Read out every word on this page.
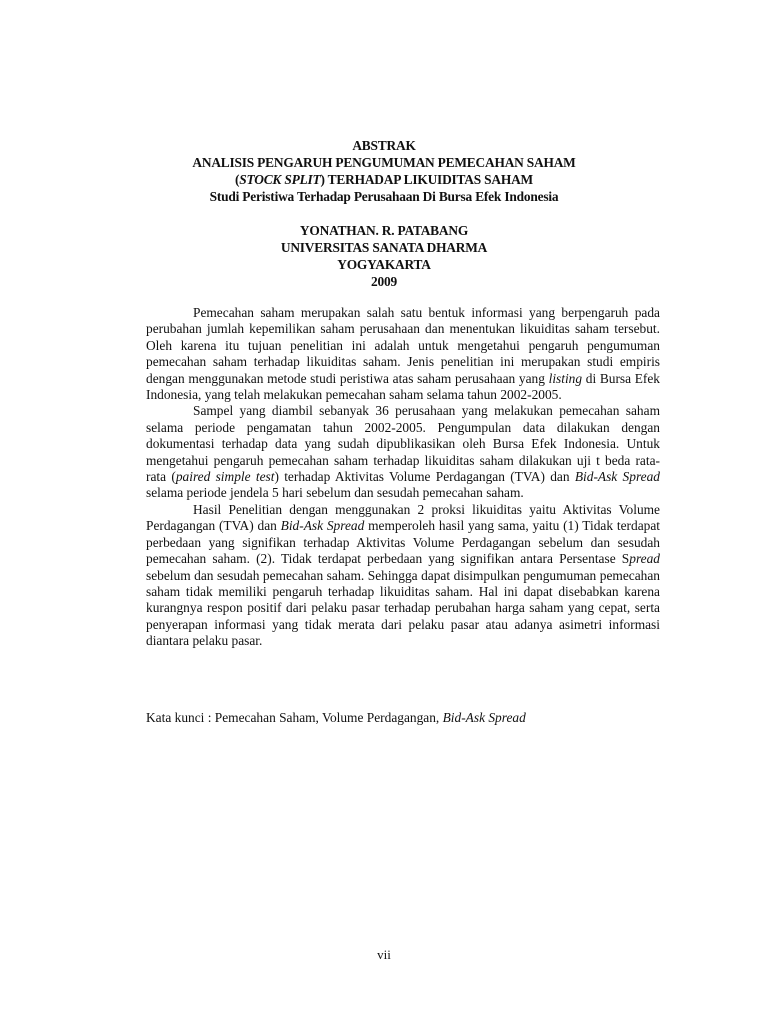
ABSTRAK
ANALISIS PENGARUH PENGUMUMAN PEMECAHAN SAHAM
(STOCK SPLIT) TERHADAP LIKUIDITAS SAHAM
Studi Peristiwa Terhadap Perusahaan Di Bursa Efek Indonesia
YONATHAN. R. PATABANG
UNIVERSITAS SANATA DHARMA
YOGYAKARTA
2009

Pemecahan saham merupakan salah satu bentuk informasi yang berpengaruh pada perubahan jumlah kepemilikan saham perusahaan dan menentukan likuiditas saham tersebut. Oleh karena itu tujuan penelitian ini adalah untuk mengetahui pengaruh pengumuman pemecahan saham terhadap likuiditas saham. Jenis penelitian ini merupakan studi empiris dengan menggunakan metode studi peristiwa atas saham perusahaan yang listing di Bursa Efek Indonesia, yang telah melakukan pemecahan saham selama tahun 2002-2005.

Sampel yang diambil sebanyak 36 perusahaan yang melakukan pemecahan saham selama periode pengamatan tahun 2002-2005. Pengumpulan data dilakukan dengan dokumentasi terhadap data yang sudah dipublikasikan oleh Bursa Efek Indonesia. Untuk mengetahui pengaruh pemecahan saham terhadap likuiditas saham dilakukan uji t beda rata-rata (paired simple test) terhadap Aktivitas Volume Perdagangan (TVA) dan Bid-Ask Spread selama periode jendela 5 hari sebelum dan sesudah pemecahan saham.

Hasil Penelitian dengan menggunakan 2 proksi likuiditas yaitu Aktivitas Volume Perdagangan (TVA) dan Bid-Ask Spread memperoleh hasil yang sama, yaitu (1) Tidak terdapat perbedaan yang signifikan terhadap Aktivitas Volume Perdagangan sebelum dan sesudah pemecahan saham. (2). Tidak terdapat perbedaan yang signifikan antara Persentase Spread sebelum dan sesudah pemecahan saham. Sehingga dapat disimpulkan pengumuman pemecahan saham tidak memiliki pengaruh terhadap likuiditas saham. Hal ini dapat disebabkan karena kurangnya respon positif dari pelaku pasar terhadap perubahan harga saham yang cepat, serta penyerapan informasi yang tidak merata dari pelaku pasar atau adanya asimetri informasi diantara pelaku pasar.

Kata kunci : Pemecahan Saham, Volume Perdagangan, Bid-Ask Spread
vii
